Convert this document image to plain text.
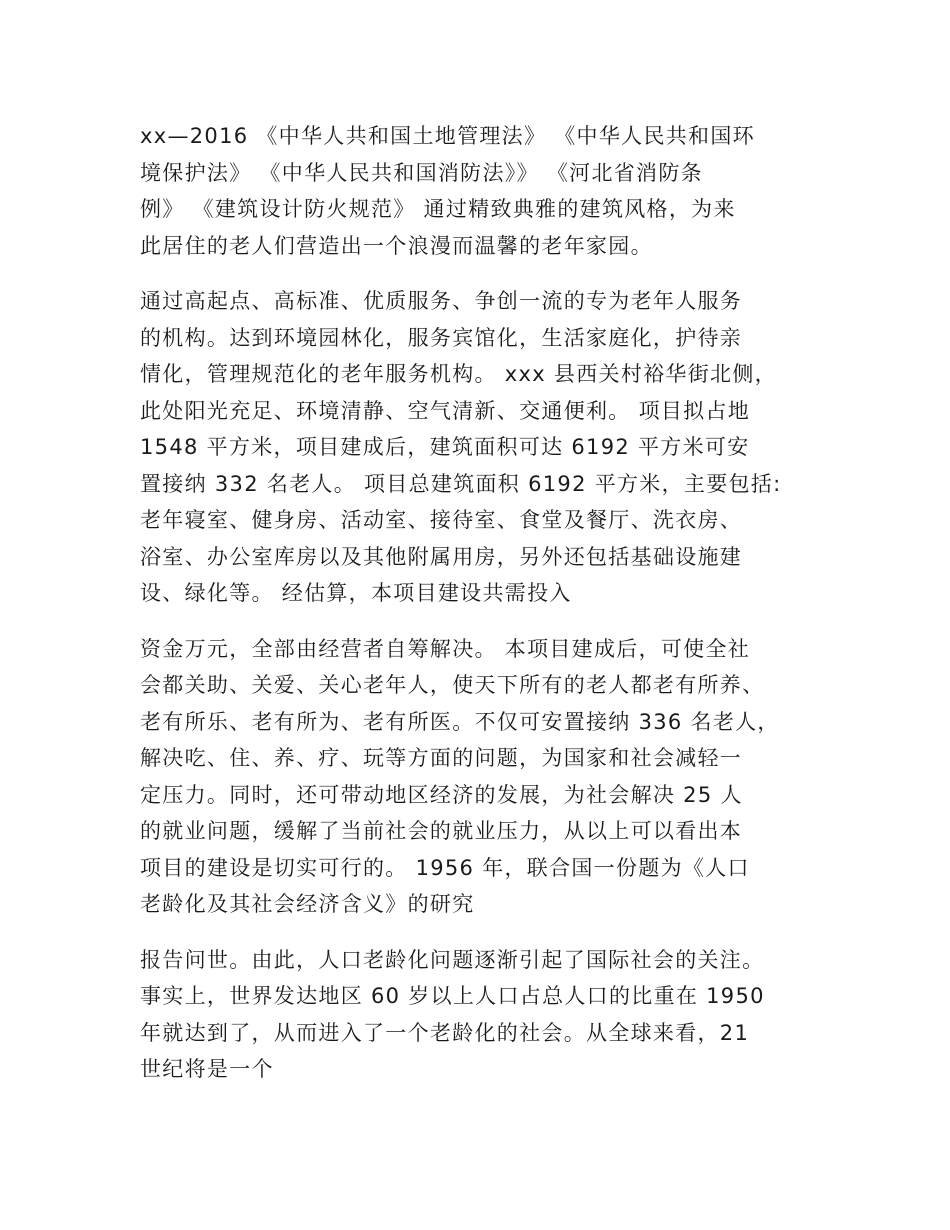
xx—2016 《中华人共和国土地管理法》 《中华人民共和国环
境保护法》 《中华人民共和国消防法》》 《河北省消防条
例》 《建筑设计防火规范》 通过精致典雅的建筑风格，为来
此居住的老人们营造出一个浪漫而温馨的老年家园。

通过高起点、高标准、优质服务、争创一流的专为老年人服务
的机构。达到环境园林化，服务宾馆化，生活家庭化，护待亲
情化，管理规范化的老年服务机构。 xxx 县西关村裕华街北侧，
此处阳光充足、环境清静、空气清新、交通便利。 项目拟占地
1548 平方米，项目建成后，建筑面积可达 6192 平方米可安
置接纳 332 名老人。 项目总建筑面积 6192 平方米，主要包括:
老年寝室、健身房、活动室、接待室、食堂及餐厅、洗衣房、
浴室、办公室库房以及其他附属用房，另外还包括基础设施建
设、绿化等。 经估算，本项目建设共需投入

资金万元，全部由经营者自筹解决。 本项目建成后，可使全社
会都关助、关爱、关心老年人，使天下所有的老人都老有所养、
老有所乐、老有所为、老有所医。不仅可安置接纳 336 名老人，
解决吃、住、养、疗、玩等方面的问题，为国家和社会减轻一
定压力。同时，还可带动地区经济的发展，为社会解决 25 人
的就业问题，缓解了当前社会的就业压力，从以上可以看出本
项目的建设是切实可行的。 1956 年，联合国一份题为《人口
老龄化及其社会经济含义》的研究

报告问世。由此，人口老龄化问题逐渐引起了国际社会的关注。
事实上，世界发达地区 60 岁以上人口占总人口的比重在 1950
年就达到了，从而进入了一个老龄化的社会。从全球来看，21
世纪将是一个
